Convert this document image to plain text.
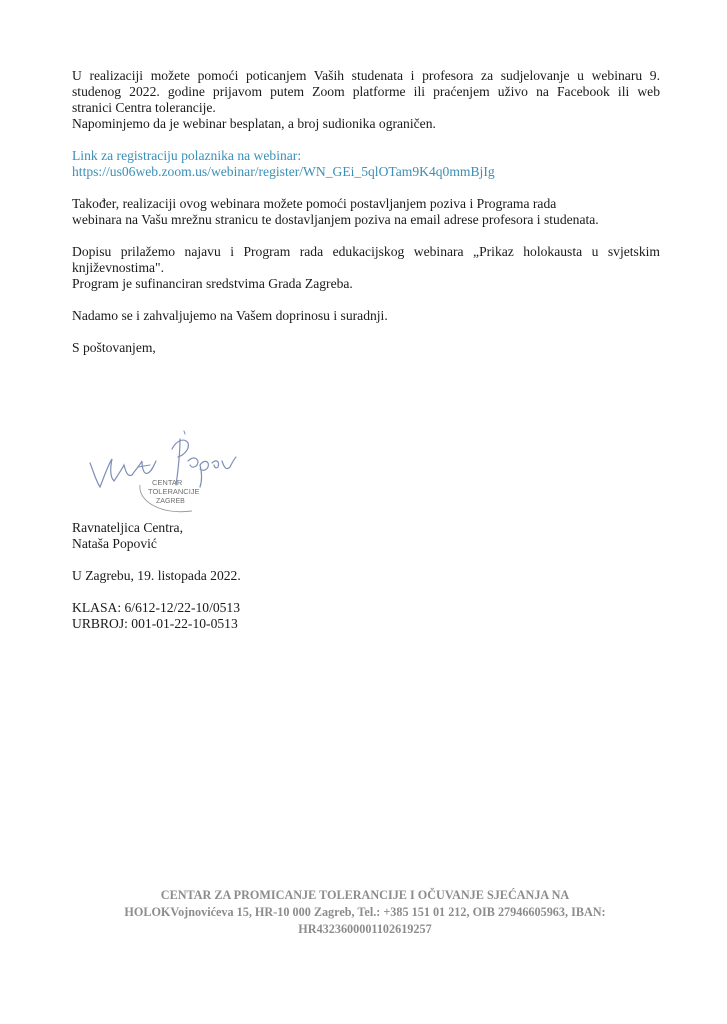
U realizaciji možete pomoći poticanjem Vaših studenata i profesora za sudjelovanje u webinaru 9.
studenog 2022. godine prijavom putem Zoom platforme ili praćenjem uživo na Facebook ili web
stranici Centra tolerancije.
Napominjemo da je webinar besplatan, a broj sudionika ograničen.

Link za registraciju polaznika na webinar:
https://us06web.zoom.us/webinar/register/WN_GEi_5qlOTam9K4q0mmBjIg

Također, realizaciji ovog webinara možete pomoći postavljanjem poziva i Programa rada
webinara na Vašu mrežnu stranicu te dostavljanjem poziva na email adrese profesora i studenata.

Dopisu prilažemo najavu i Program rada edukacijskog webinara „Prikaz holokausta u svjetskim
književnostima".
Program je sufinanciran sredstvima Grada Zagreba.

Nadamo se i zahvaljujemo na Vašem doprinosu i suradnji.

S poštovanjem,

CENTAR
TOLERANCIJE
ZAGREB
Ravnateljica Centra,
Nataša Popović
U Zagrebu, 19. listopada 2022.
KLASA: 6/612-12/22-10/0513
URBROJ: 001-01-22-10-0513
CENTAR ZA PROMICANJE TOLERANCIJE I OČUVANJE SJEĆANJA NA
HOLOKVojnovićeva 15, HR-10 000 Zagreb, Tel.: +385 151 01 212, OIB 27946605963, IBAN:
HR4323600001102619257
